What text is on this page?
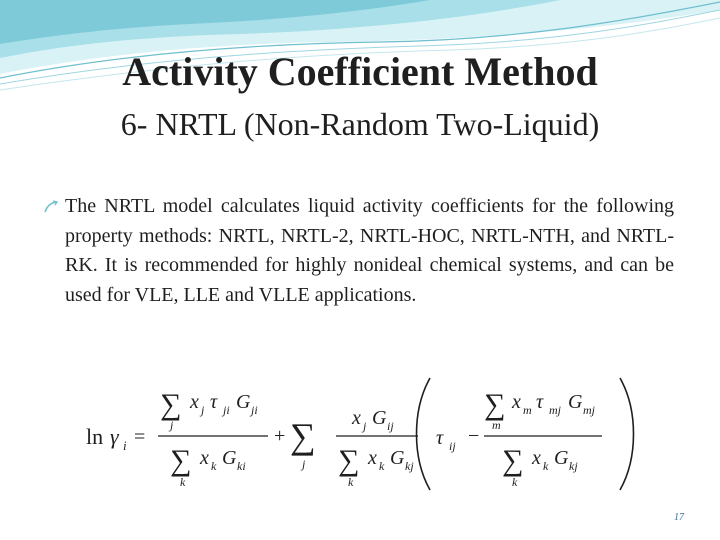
Activity Coefficient Method
6- NRTL (Non-Random Two-Liquid)

The NRTL model calculates liquid activity coefficients for the following property methods: NRTL, NRTL-2, NRTL-HOC, NRTL-NTH, and NRTL-RK. It is recommended for highly nonideal chemical systems, and can be used for VLE, LLE and VLLE applications.

ln γ i =
∑
j
x j τ ji G ji
∑
k
x k G ki
+ ∑
j
x j G ij
∑
k
x k G kj
τ ij −
∑
m
x m τ mj G mj
∑
k
x k G kj
17
